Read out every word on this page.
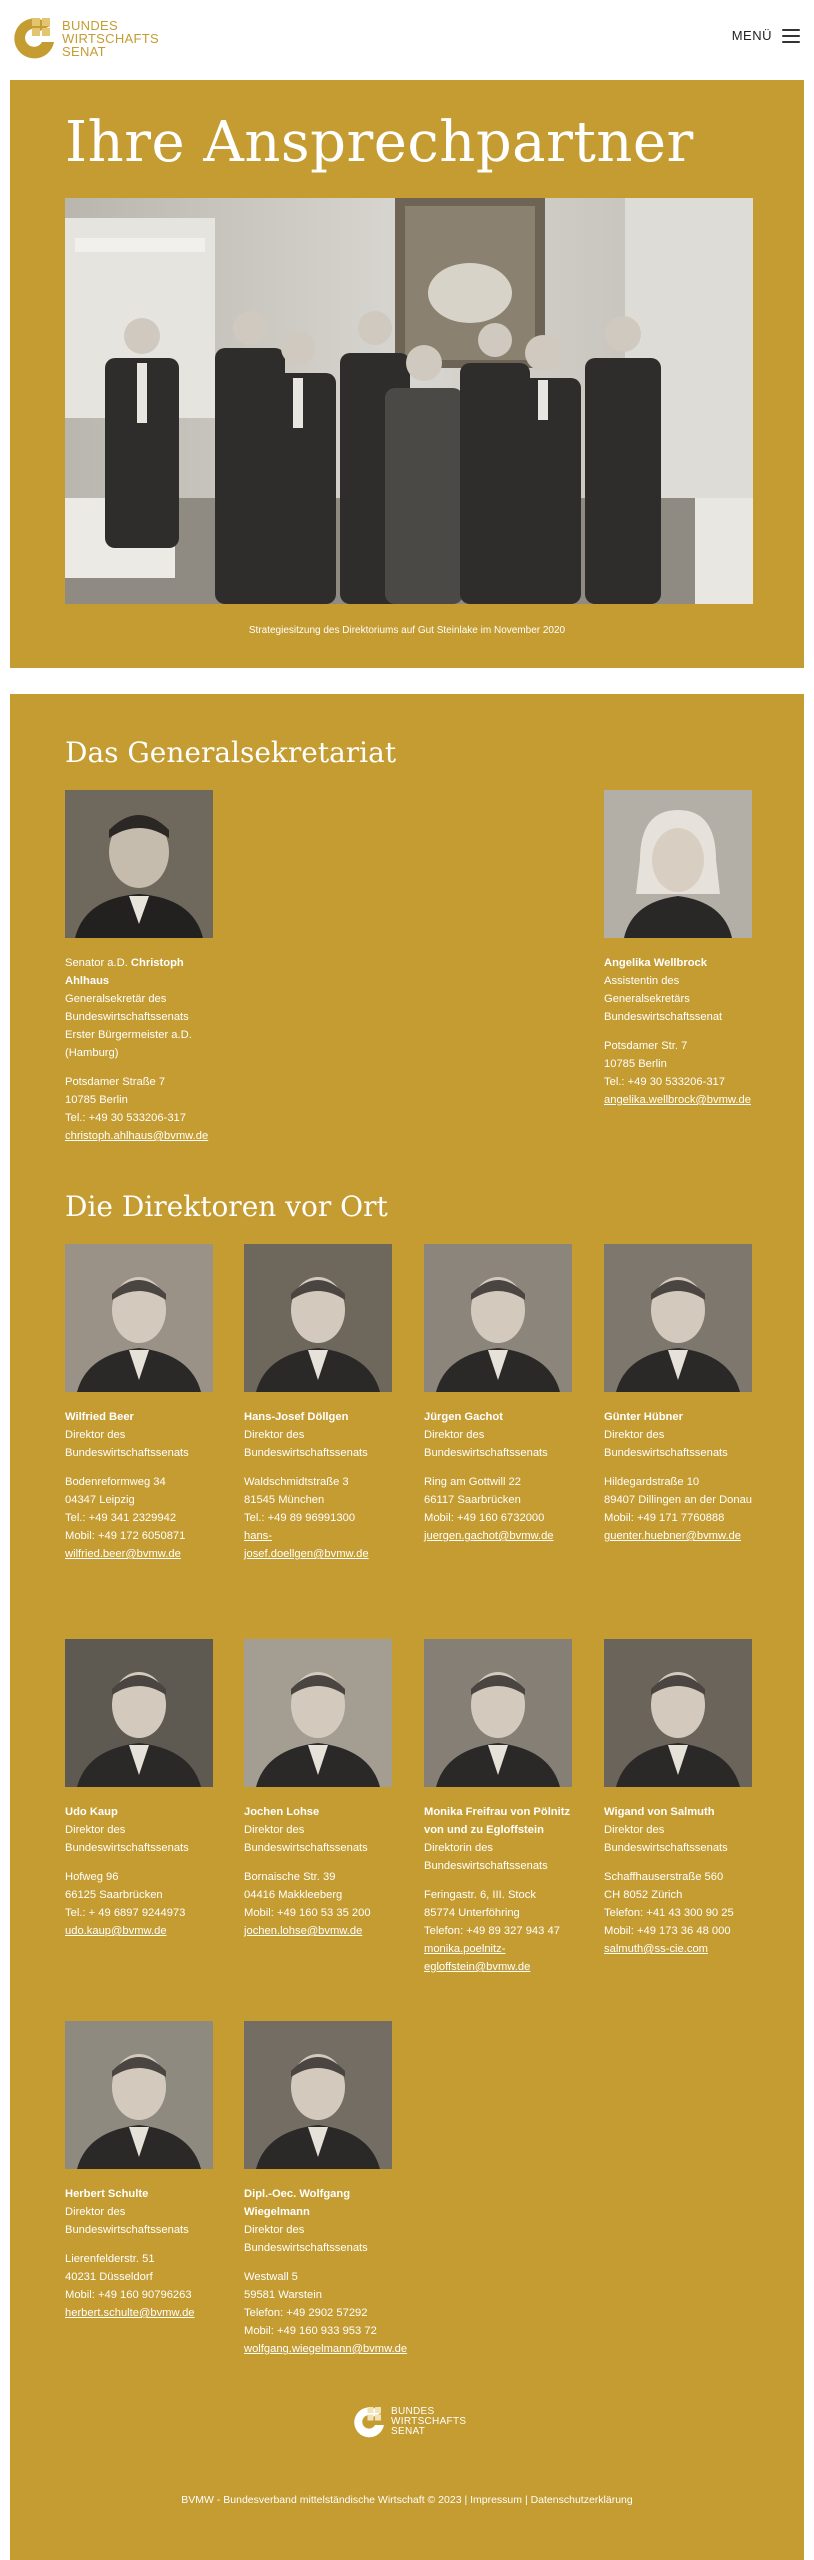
BUNDES
WIRTSCHAFTS
SENAT
MENÜ
Ihre Ansprechpartner
Strategiesitzung des Direktoriums auf Gut Steinlake im November 2020
Das Generalsekretariat
Senator a.D. Christoph Ahlhaus
Generalsekretär des Bundeswirtschaftssenats Erster Bürgermeister a.D. (Hamburg)
Potsdamer Straße 7
10785 Berlin
Tel.: +49 30 533206-317
christoph.ahlhaus@bvmw.de
Angelika Wellbrock
Assistentin des Generalsekretärs Bundeswirtschaftssenat
Potsdamer Str. 7
10785 Berlin
Tel.: +49 30 533206-317
angelika.wellbrock@bvmw.de
Die Direktoren vor Ort
Wilfried Beer
Direktor des Bundeswirtschaftssenats
Bodenreformweg 34
04347 Leipzig
Tel.: +49 341 2329942
Mobil: +49 172 6050871
wilfried.beer@bvmw.de
Hans-Josef Döllgen
Direktor des Bundeswirtschaftssenats
Waldschmidtstraße 3
81545 München
Tel.: +49 89 96991300
hans-josef.doellgen@bvmw.de
Jürgen Gachot
Direktor des Bundeswirtschaftssenats
Ring am Gottwill 22
66117 Saarbrücken
Mobil: +49 160 6732000
juergen.gachot@bvmw.de
Günter Hübner
Direktor des Bundeswirtschaftssenats
Hildegardstraße 10
89407 Dillingen an der Donau
Mobil: +49 171 7760888
guenter.huebner@bvmw.de
Udo Kaup
Direktor des Bundeswirtschaftssenats
Hofweg 96
66125 Saarbrücken
Tel.: + 49 6897 9244973
udo.kaup@bvmw.de
Jochen Lohse
Direktor des Bundeswirtschaftssenats
Bornaische Str. 39
04416 Makkleeberg
Mobil: +49 160 53 35 200
jochen.lohse@bvmw.de
Monika Freifrau von Pölnitz von und zu Egloffstein
Direktorin des Bundeswirtschaftssenats
Feringastr. 6, III. Stock
85774 Unterföhring
Telefon: +49 89 327 943 47
monika.poelnitz-egloffstein@bvmw.de
Wigand von Salmuth
Direktor des Bundeswirtschaftssenats
Schaffhauserstraße 560
CH 8052 Zürich
Telefon: +41 43 300 90 25
Mobil: +49 173 36 48 000
salmuth@ss-cie.com
Herbert Schulte
Direktor des Bundeswirtschaftssenats
Lierenfelderstr. 51
40231 Düsseldorf
Mobil: +49 160 90796263
herbert.schulte@bvmw.de
Dipl.-Oec. Wolfgang Wiegelmann
Direktor des Bundeswirtschaftssenats
Westwall 5
59581 Warstein
Telefon: +49 2902 57292
Mobil: +49 160 933 953 72
wolfgang.wiegelmann@bvmw.de
BUNDES
WIRTSCHAFTS
SENAT
BVMW - Bundesverband mittelständische Wirtschaft © 2023 | Impressum | Datenschutzerklärung
